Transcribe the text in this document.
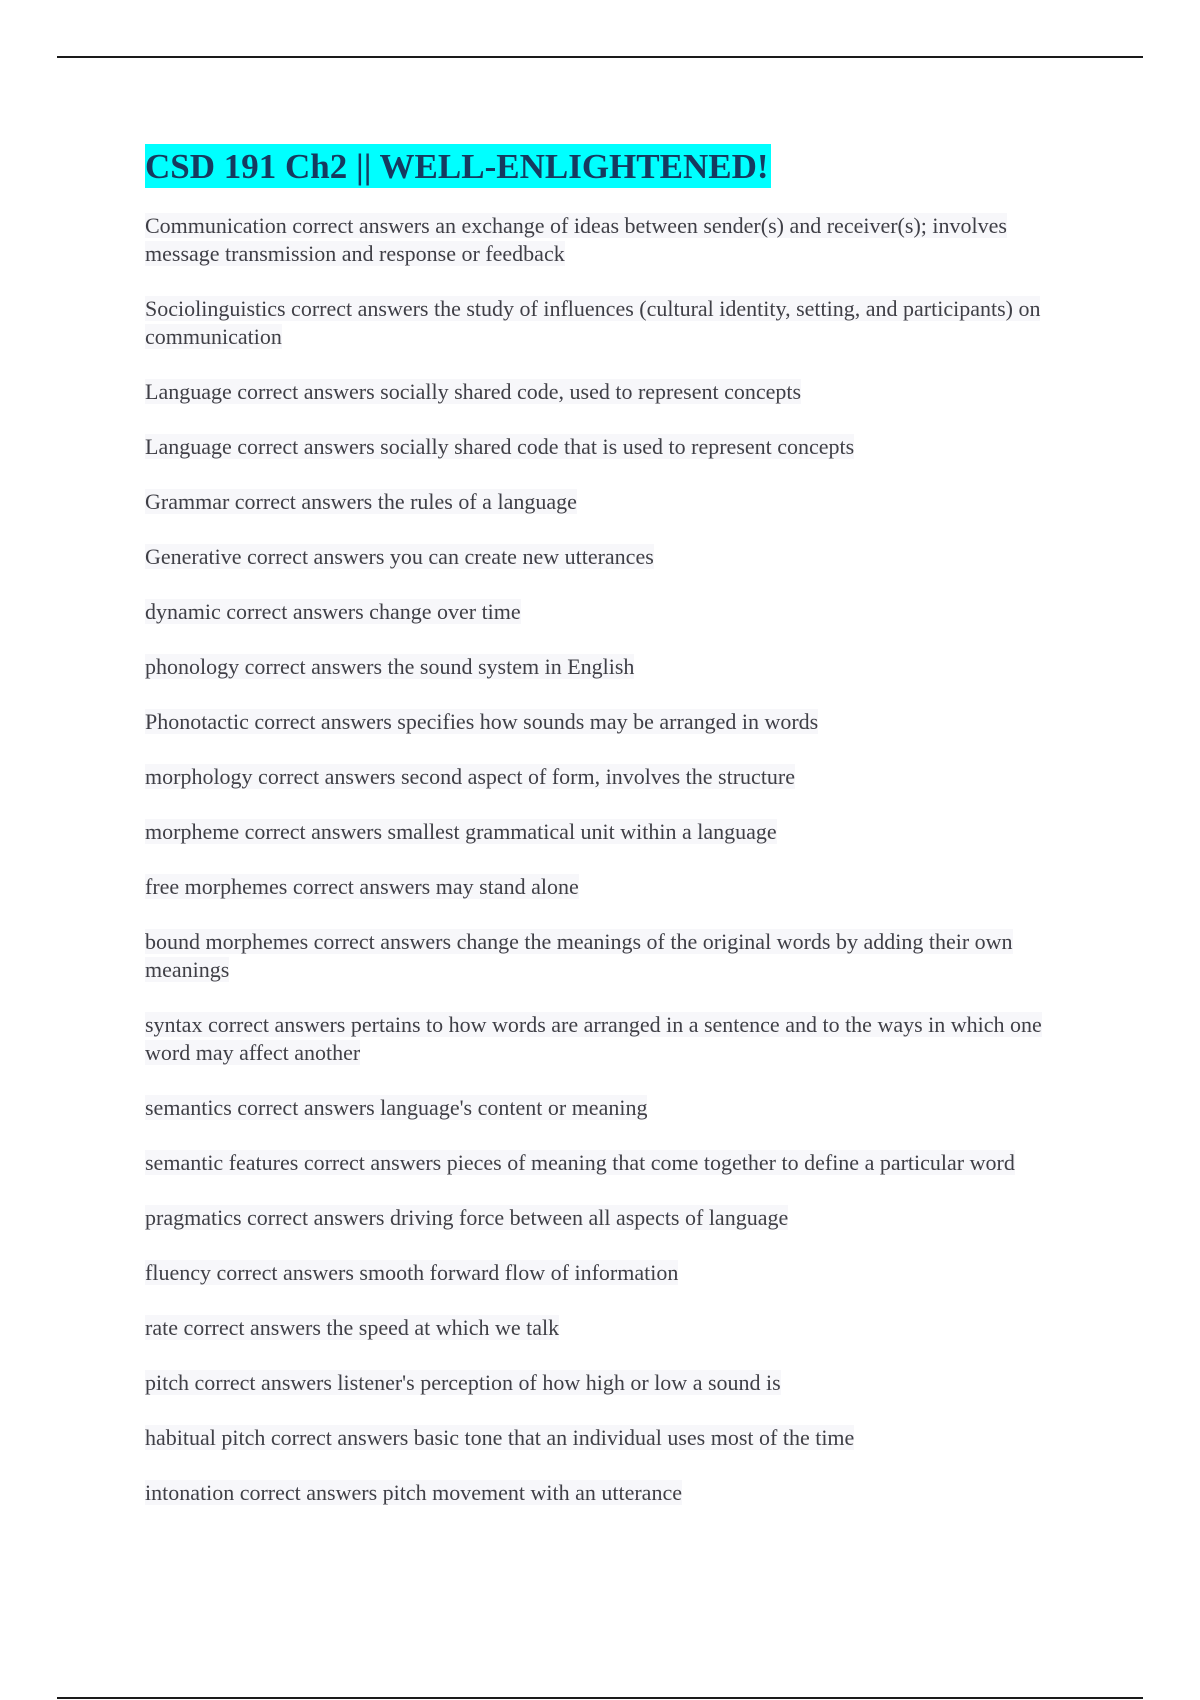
CSD 191 Ch2 || WELL-ENLIGHTENED!
Communication correct answers an exchange of ideas between sender(s) and receiver(s); involves message transmission and response or feedback
Sociolinguistics correct answers the study of influences (cultural identity, setting, and participants) on communication
Language correct answers socially shared code, used to represent concepts
Language correct answers socially shared code that is used to represent concepts
Grammar correct answers the rules of a language
Generative correct answers you can create new utterances
dynamic correct answers change over time
phonology correct answers the sound system in English
Phonotactic correct answers specifies how sounds may be arranged in words
morphology correct answers second aspect of form, involves the structure
morpheme correct answers smallest grammatical unit within a language
free morphemes correct answers may stand alone
bound morphemes correct answers change the meanings of the original words by adding their own meanings
syntax correct answers pertains to how words are arranged in a sentence and to the ways in which one word may affect another
semantics correct answers language's content or meaning
semantic features correct answers pieces of meaning that come together to define a particular word
pragmatics correct answers driving force between all aspects of language
fluency correct answers smooth forward flow of information
rate correct answers the speed at which we talk
pitch correct answers listener's perception of how high or low a sound is
habitual pitch correct answers basic tone that an individual uses most of the time
intonation correct answers pitch movement with an utterance
